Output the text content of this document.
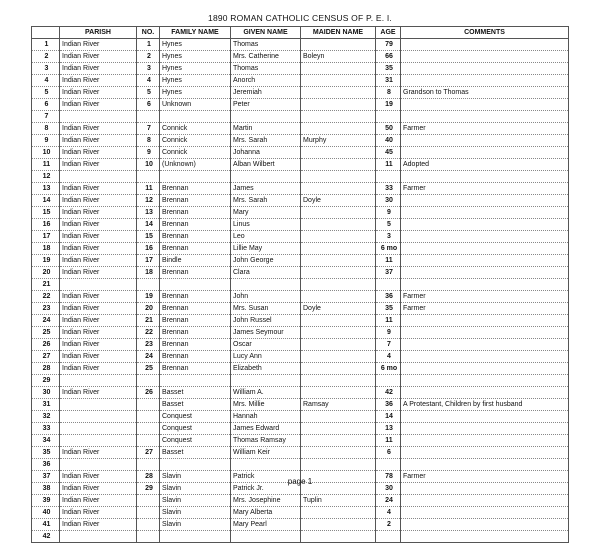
1890 ROMAN CATHOLIC CENSUS OF P. E. I.
	PARISH	NO.	FAMILY NAME	GIVEN NAME	MAIDEN NAME	AGE	COMMENTS
1	Indian River	1	Hynes	Thomas		79	
2	Indian River	2	Hynes	Mrs. Catherine	Boleyn	66	
3	Indian River	3	Hynes	Thomas		35	
4	Indian River	4	Hynes	Anorch		31	
5	Indian River	5	Hynes	Jeremiah		8	Grandson to Thomas
6	Indian River	6	Unknown	Peter		19	
7							
8	Indian River	7	Connick	Martin		50	Farmer
9	Indian River	8	Connick	Mrs. Sarah	Murphy	40	
10	Indian River	9	Connick	Johanna		45	
11	Indian River	10	(Unknown)	Alban Wilbert		11	Adopted
12							
13	Indian River	11	Brennan	James		33	Farmer
14	Indian River	12	Brennan	Mrs. Sarah	Doyle	30	
15	Indian River	13	Brennan	Mary		9	
16	Indian River	14	Brennan	Linus		5	
17	Indian River	15	Brennan	Leo		3	
18	Indian River	16	Brennan	Lillie May		6 mo	
19	Indian River	17	Bindle	John George		11	
20	Indian River	18	Brennan	Clara		37	
21							
22	Indian River	19	Brennan	John		36	Farmer
23	Indian River	20	Brennan	Mrs. Susan	Doyle	35	Farmer
24	Indian River	21	Brennan	John Russel		11	
25	Indian River	22	Brennan	James Seymour		9	
26	Indian River	23	Brennan	Oscar		7	
27	Indian River	24	Brennan	Lucy Ann		4	
28	Indian River	25	Brennan	Elizabeth		6 mo	
29							
30	Indian River	26	Basset	William A.		42	
31			Basset	Mrs. Millie	Ramsay	36	A Protestant, Children by first husband
32			Conquest	Hannah		14	
33			Conquest	James Edward		13	
34			Conquest	Thomas Ramsay		11	
35	Indian River	27	Basset	William Keir		6	
36							
37	Indian River	28	Slavin	Patrick		78	Farmer
38	Indian River	29	Slavin	Patrick Jr.		30	
39	Indian River		Slavin	Mrs. Josephine	Tuplin	24	
40	Indian River		Slavin	Mary Alberta		4	
41	Indian River		Slavin	Mary Pearl		2	
42							
page 1
